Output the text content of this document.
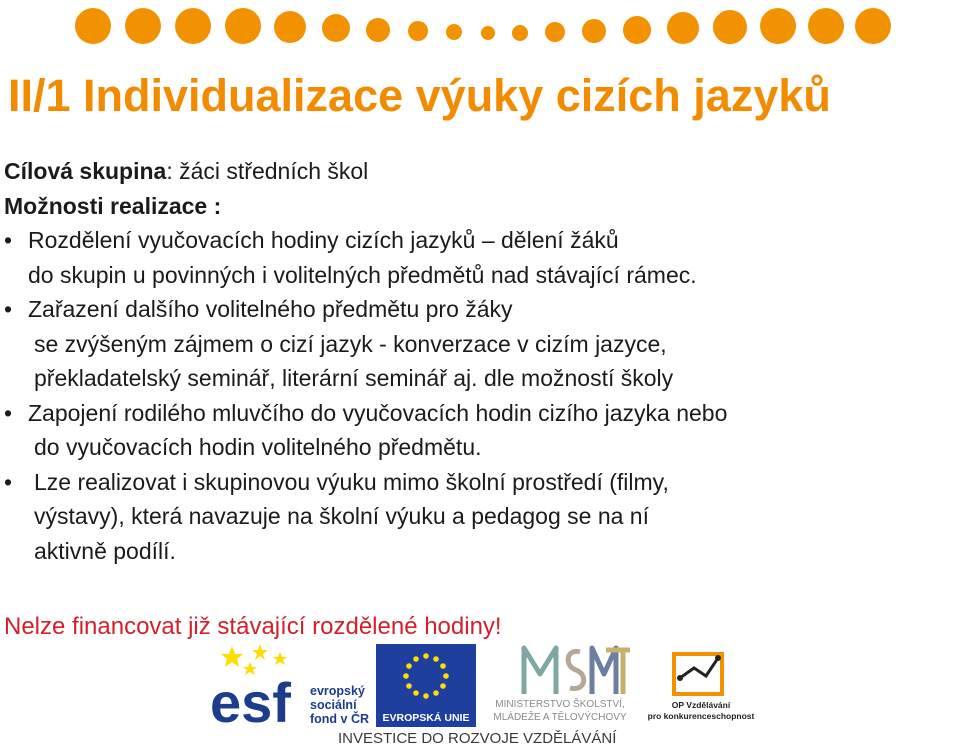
II/1 Individualizace výuky cizích jazyků
Cílová skupina: žáci středních škol
Možnosti realizace :
• Rozdělení vyučovacích hodiny cizích jazyků – dělení žáků
do skupin u povinných i volitelných předmětů nad stávající rámec.
• Zařazení dalšího volitelného předmětu pro žáky
se zvýšeným zájmem o cizí jazyk - konverzace v cizím jazyce,
překladatelský seminář, literární seminář aj. dle možností školy
• Zapojení rodilého mluvčího do vyučovacích hodin cizího jazyka nebo
do vyučovacích hodin volitelného předmětu.
• Lze realizovat i skupinovou výuku mimo školní prostředí (filmy,
výstavy), která navazuje na školní výuku a pedagog se na ní
aktivně podílí.
Nelze financovat již stávající rozdělené hodiny!
esf evropský
sociální
fond v ČR	EVROPSKÁ UNIE
MINISTERSTVO ŠKOLSTVÍ,
MLÁDEŽE A TĚLOVÝCHOVY
OP Vzdělávání
pro konkurenceschopnost
INVESTICE DO ROZVOJE VZDĚLÁVÁNÍ
